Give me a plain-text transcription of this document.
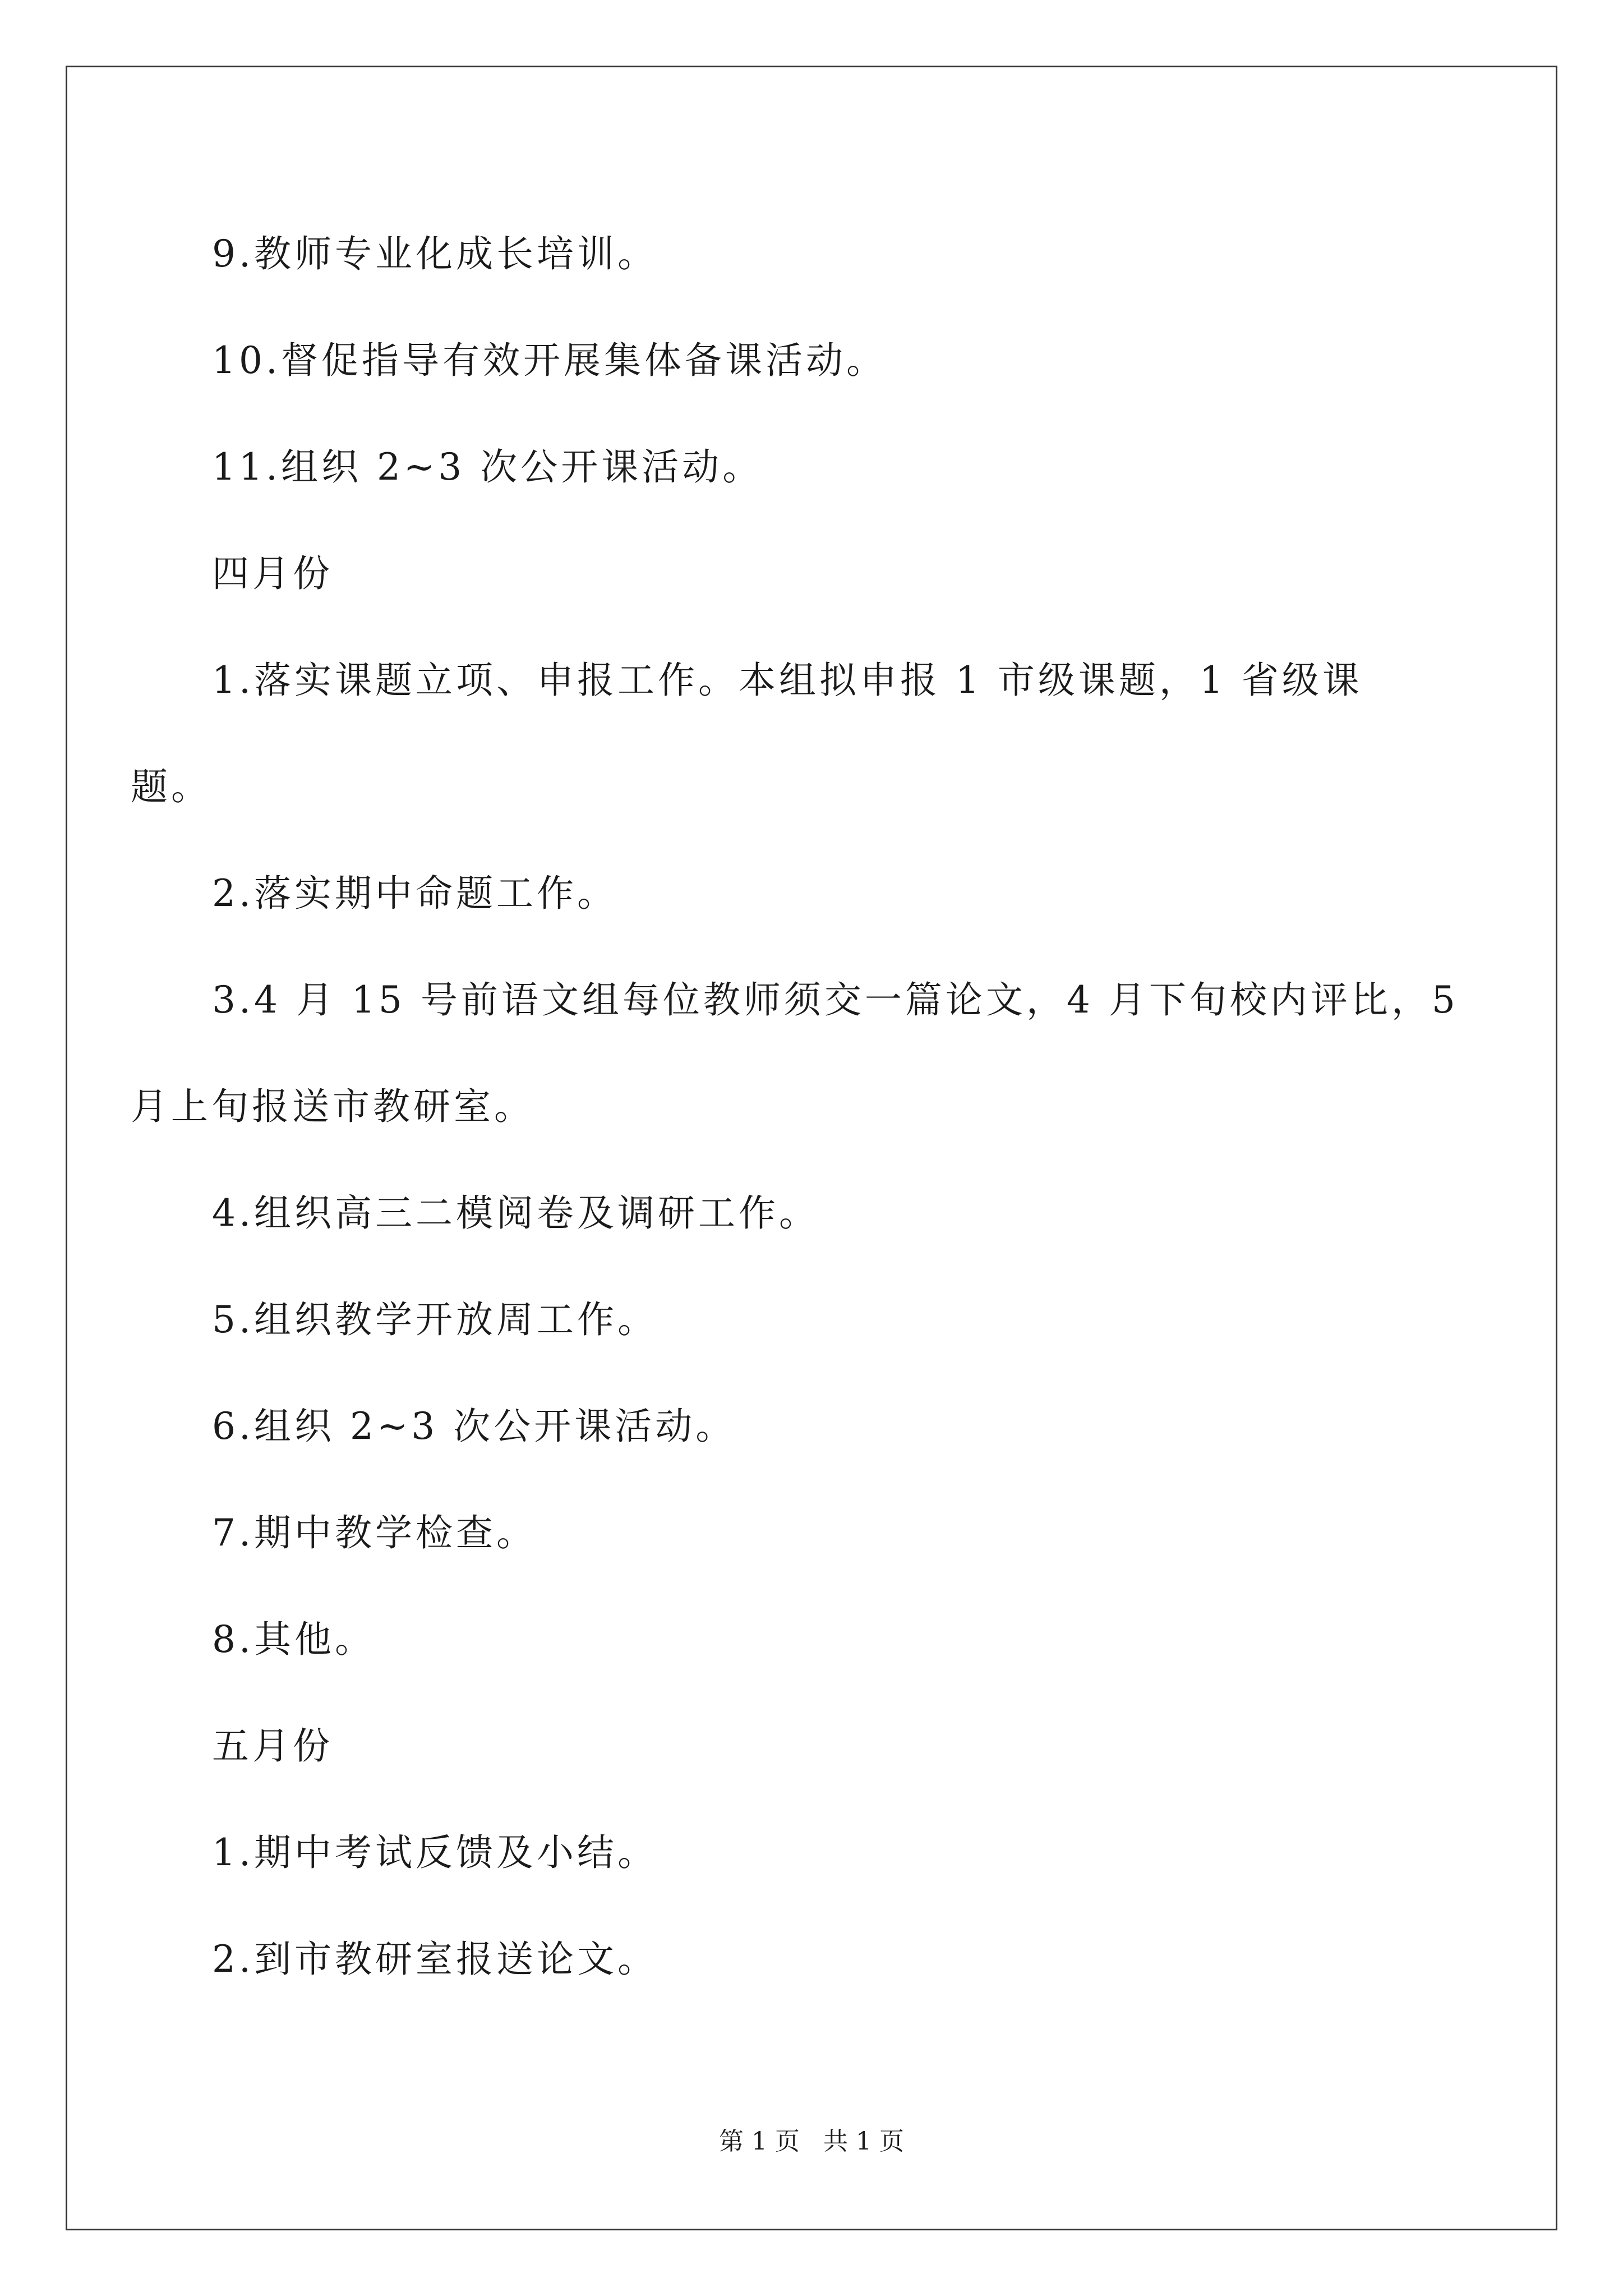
9.教师专业化成长培训。
10.督促指导有效开展集体备课活动。
11.组织 2~3 次公开课活动。
四月份
1.落实课题立项、申报工作。本组拟申报 1 市级课题，1 省级课
题。
2.落实期中命题工作。
3.4 月 15 号前语文组每位教师须交一篇论文，4 月下旬校内评比，5
月上旬报送市教研室。
4.组织高三二模阅卷及调研工作。
5.组织教学开放周工作。
6.组织 2~3 次公开课活动。
7.期中教学检查。
8.其他。
五月份
1.期中考试反馈及小结。
2.到市教研室报送论文。
第 1 页   共 1 页
